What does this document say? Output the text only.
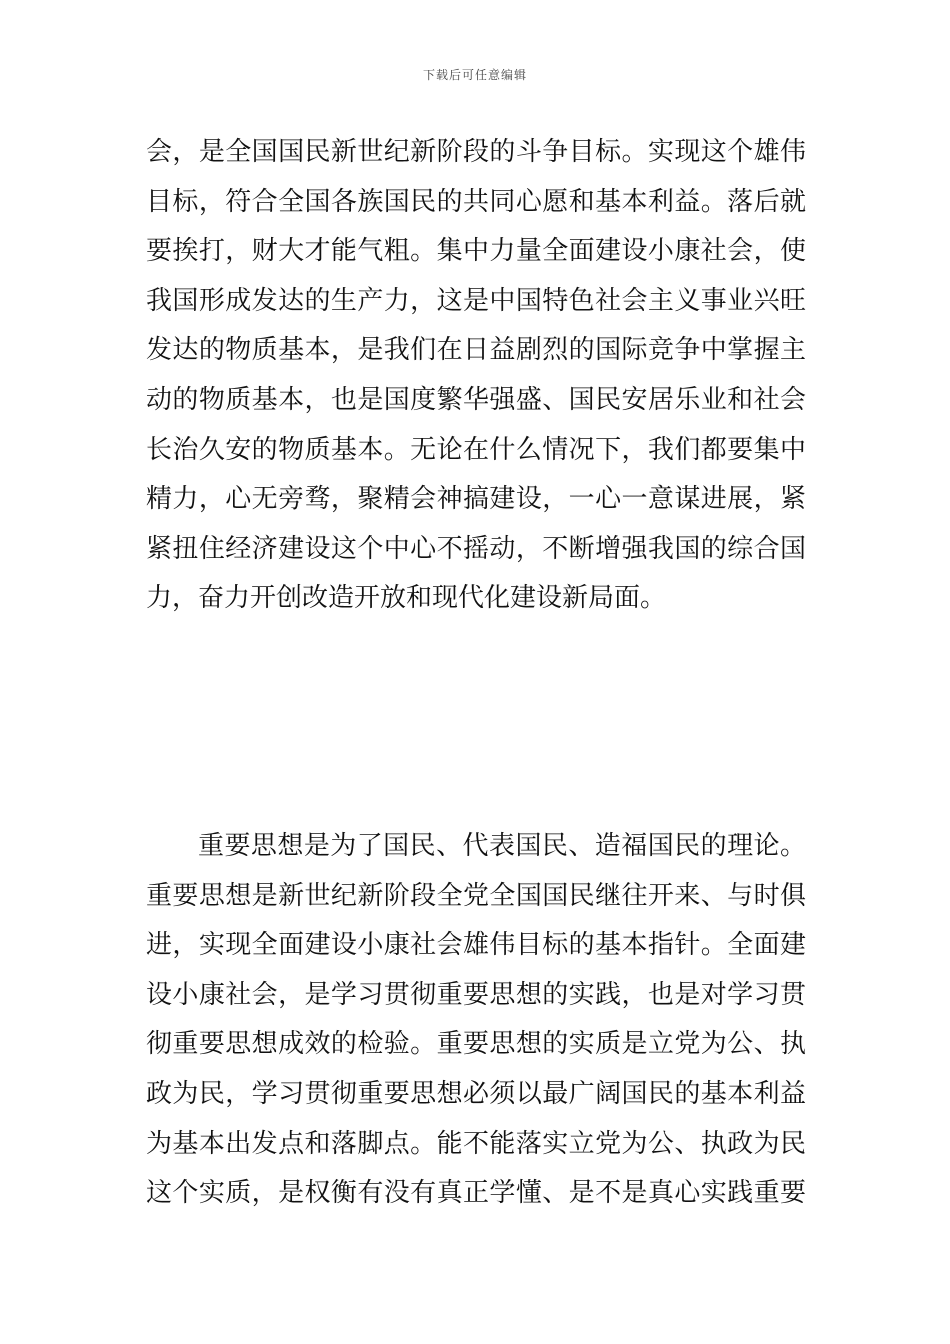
下载后可任意编辑
会，是全国国民新世纪新阶段的斗争目标。实现这个雄伟
目标，符合全国各族国民的共同心愿和基本利益。落后就
要挨打，财大才能气粗。集中力量全面建设小康社会，使
我国形成发达的生产力，这是中国特色社会主义事业兴旺
发达的物质基本，是我们在日益剧烈的国际竞争中掌握主
动的物质基本，也是国度繁华强盛、国民安居乐业和社会
长治久安的物质基本。无论在什么情况下，我们都要集中
精力，心无旁骛，聚精会神搞建设，一心一意谋进展，紧
紧扭住经济建设这个中心不摇动，不断增强我国的综合国
力，奋力开创改造开放和现代化建设新局面。
重要思想是为了国民、代表国民、造福国民的理论。
重要思想是新世纪新阶段全党全国国民继往开来、与时俱
进，实现全面建设小康社会雄伟目标的基本指针。全面建
设小康社会，是学习贯彻重要思想的实践，也是对学习贯
彻重要思想成效的检验。重要思想的实质是立党为公、执
政为民，学习贯彻重要思想必须以最广阔国民的基本利益
为基本出发点和落脚点。能不能落实立党为公、执政为民
这个实质，是权衡有没有真正学懂、是不是真心实践重要
